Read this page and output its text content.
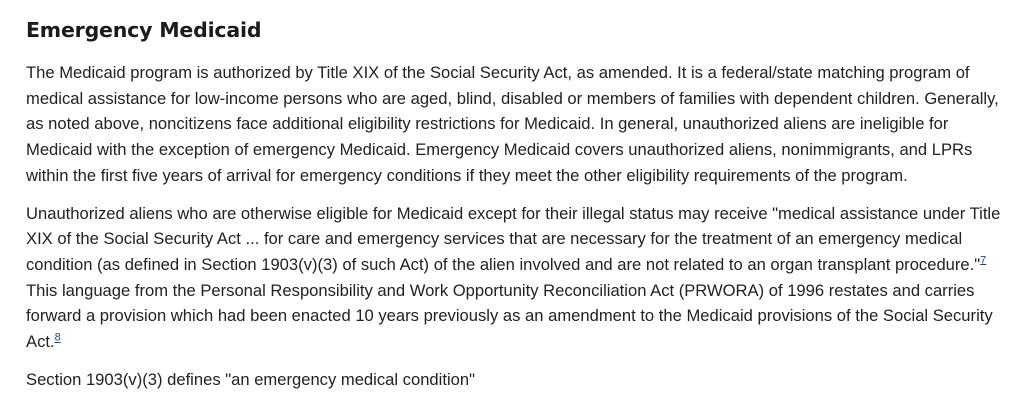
Emergency Medicaid

The Medicaid program is authorized by Title XIX of the Social Security Act, as amended. It is a federal/state matching program of medical assistance for low-income persons who are aged, blind, disabled or members of families with dependent children. Generally, as noted above, noncitizens face additional eligibility restrictions for Medicaid. In general, unauthorized aliens are ineligible for Medicaid with the exception of emergency Medicaid. Emergency Medicaid covers unauthorized aliens, nonimmigrants, and LPRs within the first five years of arrival for emergency conditions if they meet the other eligibility requirements of the program.

Unauthorized aliens who are otherwise eligible for Medicaid except for their illegal status may receive "medical assistance under Title XIX of the Social Security Act ... for care and emergency services that are necessary for the treatment of an emergency medical condition (as defined in Section 1903(v)(3) of such Act) of the alien involved and are not related to an organ transplant procedure."$^7$ This language from the Personal Responsibility and Work Opportunity Reconciliation Act (PRWORA) of 1996 restates and carries forward a provision which had been enacted 10 years previously as an amendment to the Medicaid provisions of the Social Security Act.$^8$

Section 1903(v)(3) defines "an emergency medical condition"
